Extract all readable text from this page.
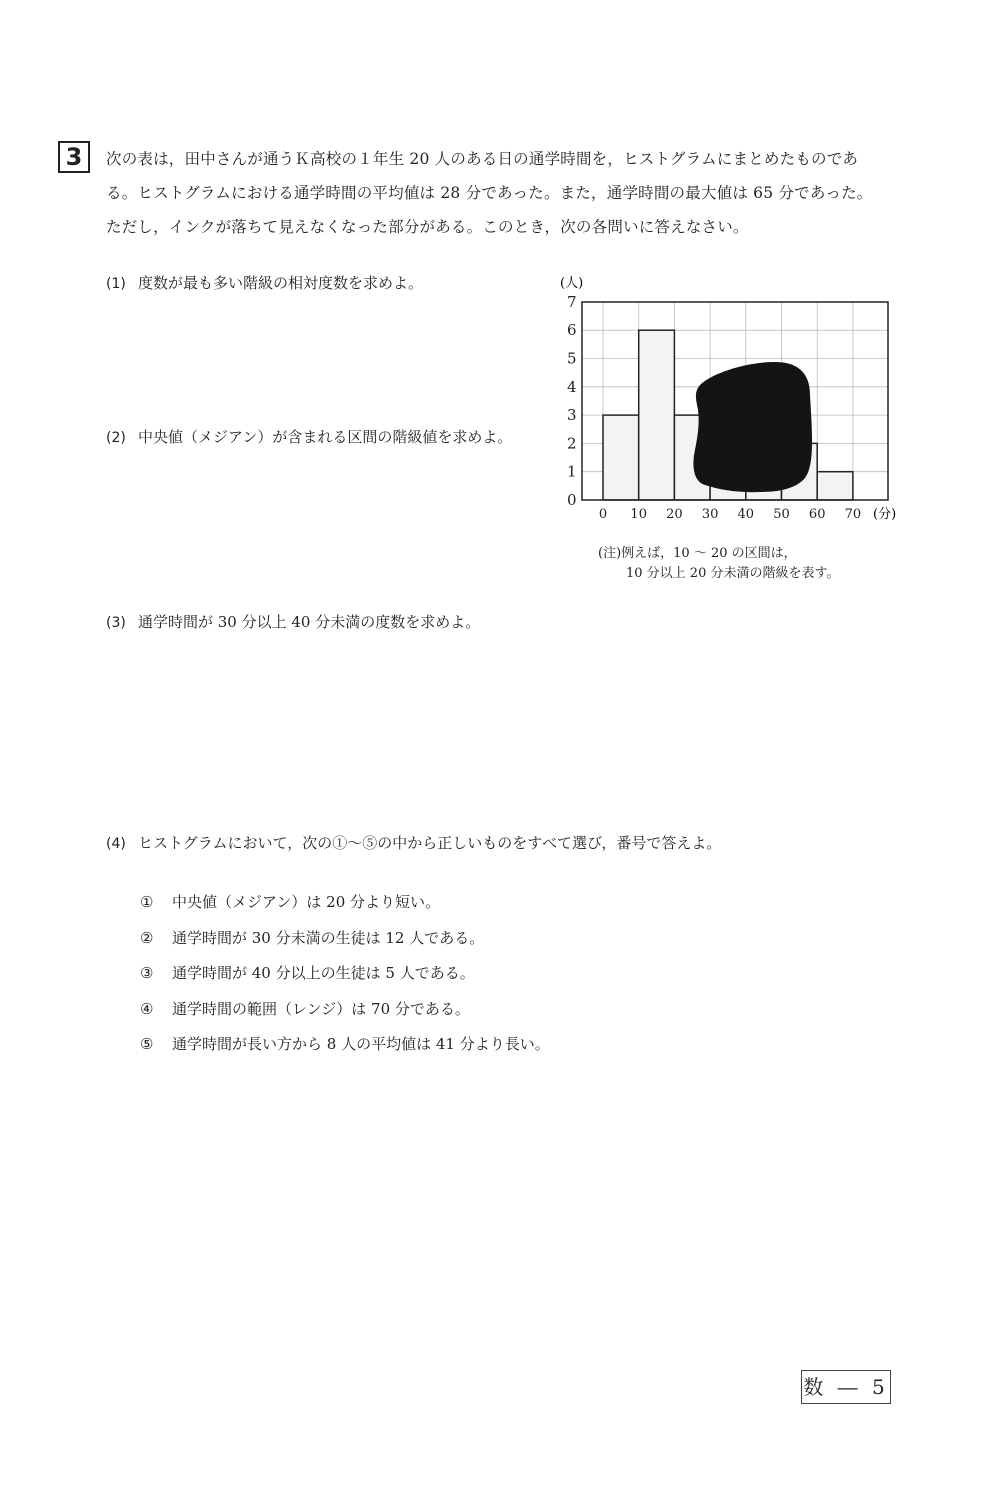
3	次の表は，田中さんが通うＫ高校の１年生 20 人のある日の通学時間を，ヒストグラムにまとめたものであ
る。ヒストグラムにおける通学時間の平均値は 28 分であった。また，通学時間の最大値は 65 分であった。
ただし，インクが落ちて見えなくなった部分がある。このとき，次の各問いに答えなさい。
(1) 度数が最も多い階級の相対度数を求めよ。
(2) 中央値（メジアン）が含まれる区間の階級値を求めよ。
(3) 通学時間が 30 分以上 40 分未満の度数を求めよ。
(4) ヒストグラムにおいて，次の①～⑤の中から正しいものをすべて選び，番号で答えよ。
① 中央値（メジアン）は 20 分より短い。
② 通学時間が 30 分未満の生徒は 12 人である。
③ 通学時間が 40 分以上の生徒は 5 人である。
④ 通学時間の範囲（レンジ）は 70 分である。
⑤ 通学時間が長い方から 8 人の平均値は 41 分より長い。
(人)
0
1
2
3
4
5
6
7
0 10 20 30 40 50 60 70 (分)
(注)例えば，10 ～ 20 の区間は，
10 分以上 20 分未満の階級を表す。
数 ― 5
